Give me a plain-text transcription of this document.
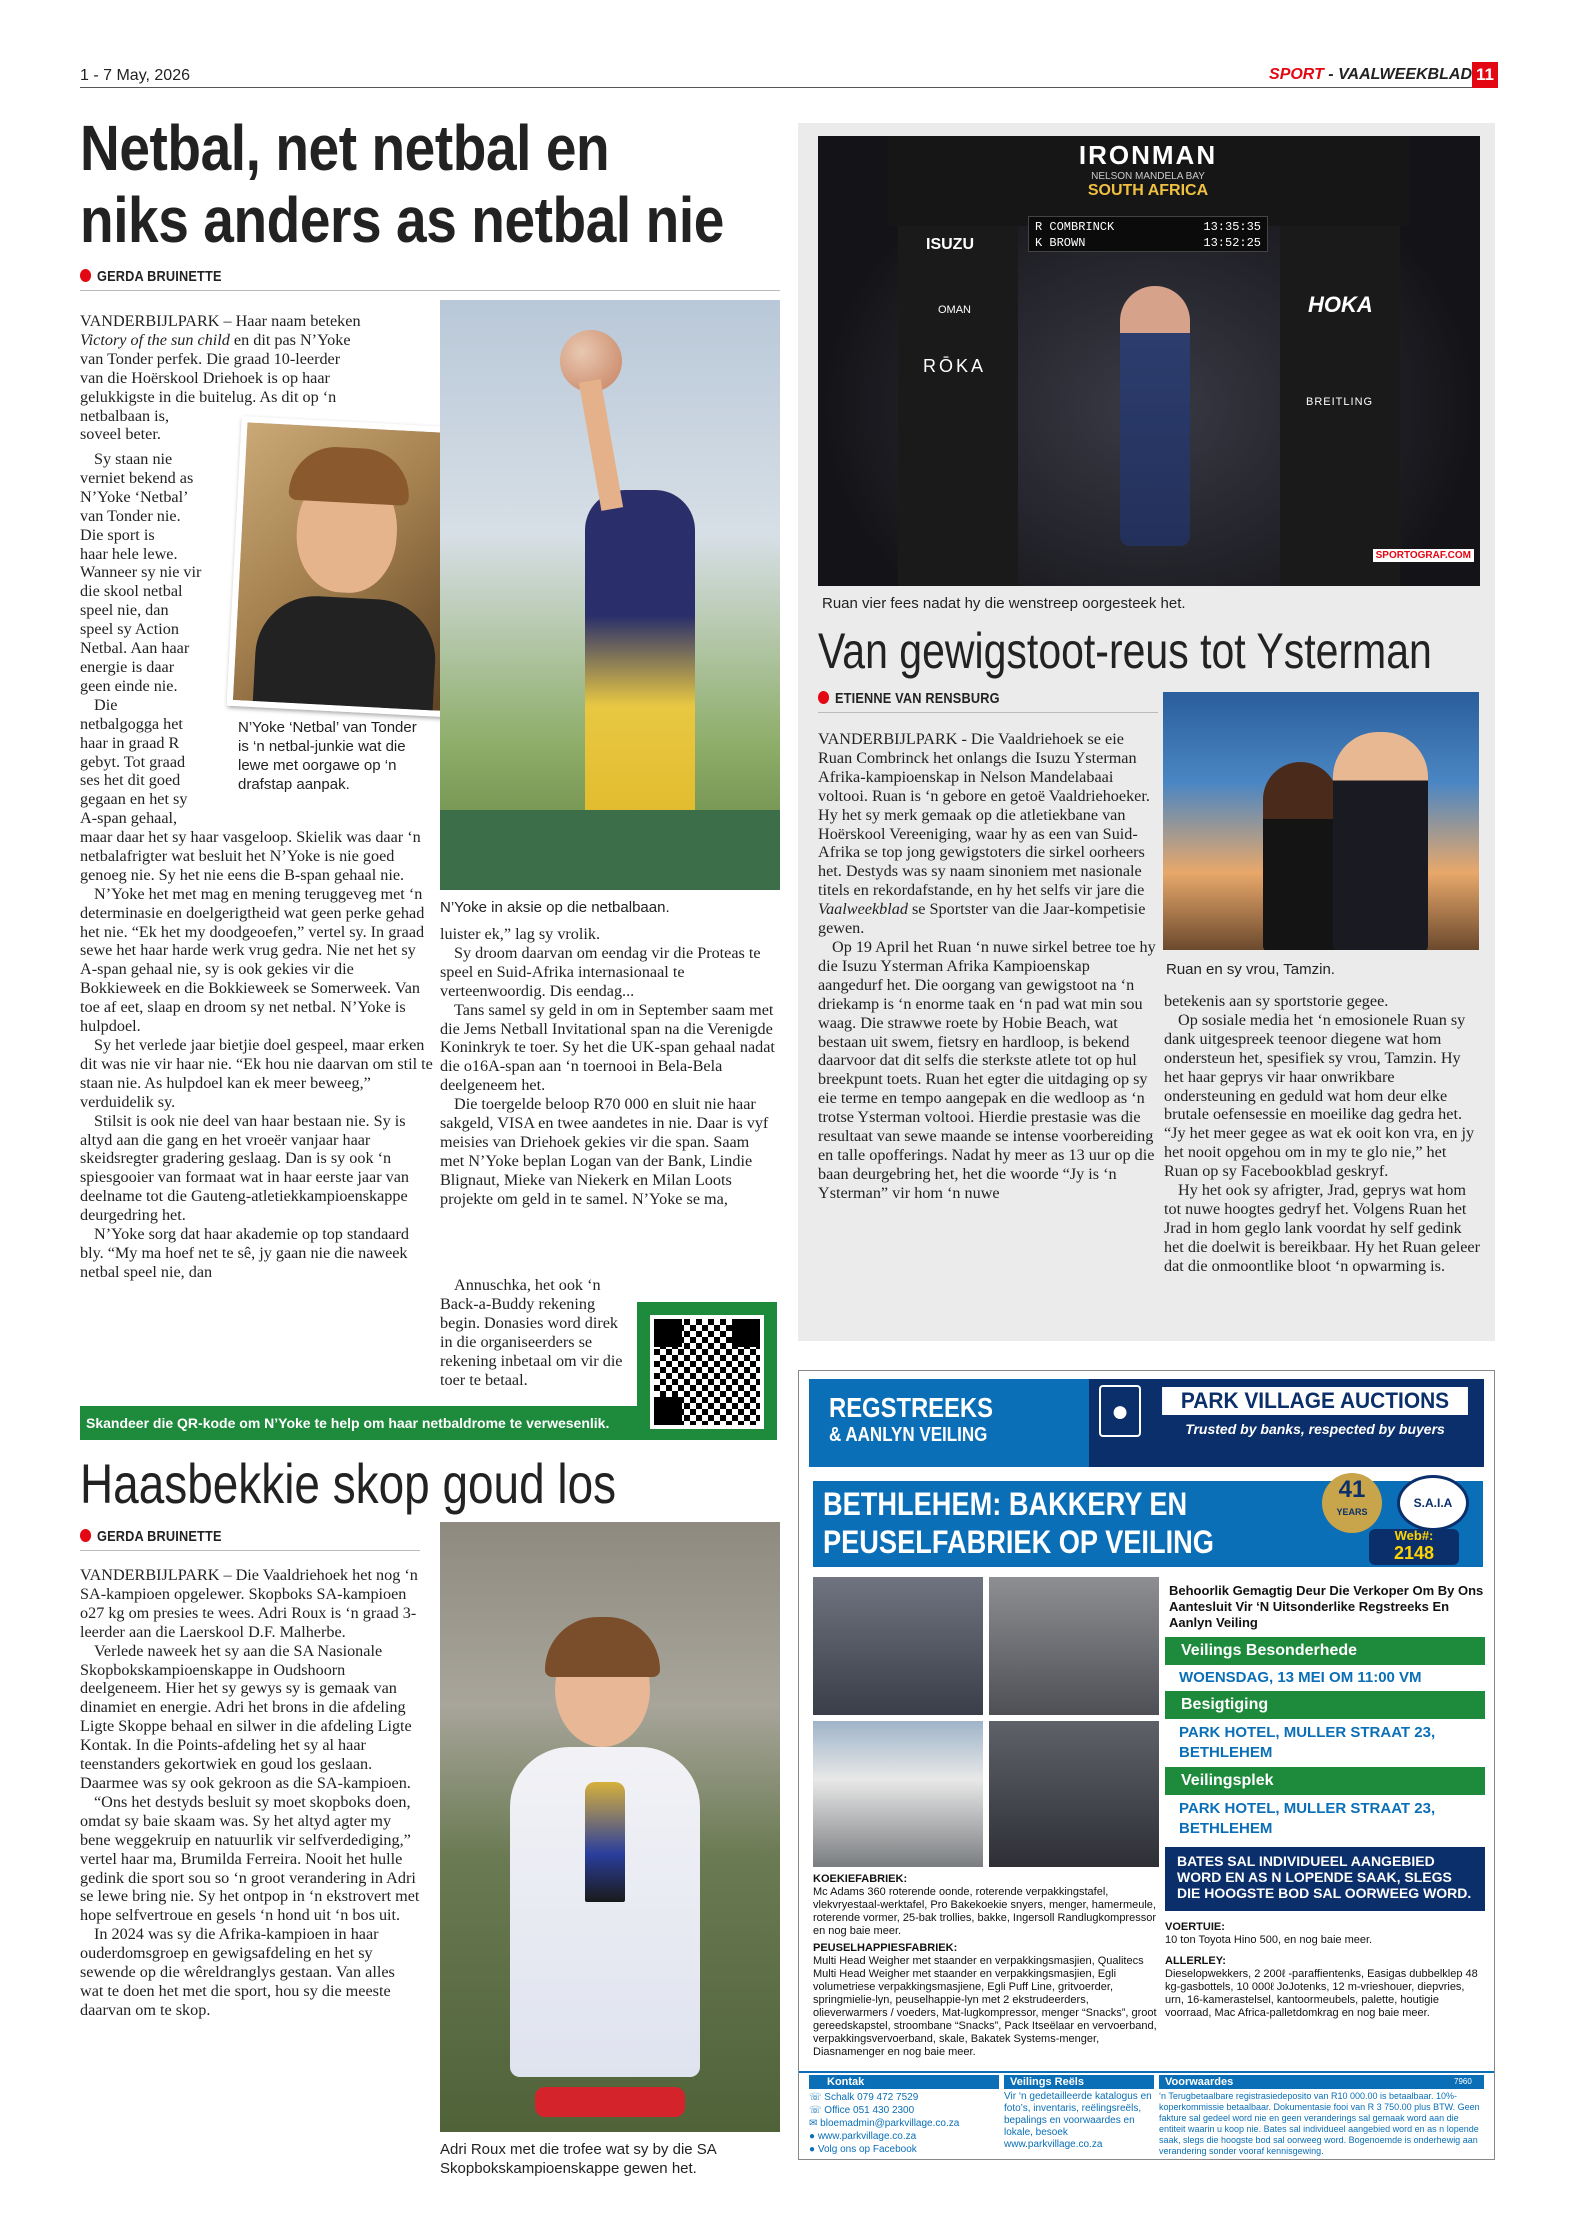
1 - 7 May, 2026	SPORT - VAALWEEKBLAD 11
Netbal, net netbal en
niks anders as netbal nie
GERDA BRUINETTE
VANDERBIJLPARK – Haar naam beteken
Victory of the sun child en dit pas N’Yoke
van Tonder perfek. Die graad 10-leerder
van die Hoërskool Driehoek is op haar
gelukkigste in die buitelug. As dit op ‘n
netbalbaan is,
soveel beter.
Sy staan nie
verniet bekend as
N’Yoke ‘Netbal’
van Tonder nie.
Die sport is
haar hele lewe.
Wanneer sy nie vir
die skool netbal
speel nie, dan
speel sy Action
Netbal. Aan haar
energie is daar
geen einde nie.
Die
netbalgogga het
haar in graad R
gebyt. Tot graad
ses het dit goed
gegaan en het sy
A-span gehaal,

maar daar het sy haar vasgeloop. Skielik was daar ‘n netbalafrigter wat besluit het N’Yoke is nie goed genoeg nie. Sy het nie eens die B-span gehaal nie.

N’Yoke het met mag en mening teruggeveg met ‘n determinasie en doelgerigtheid wat geen perke gehad het nie. “Ek het my doodgeoefen,” vertel sy. In graad sewe het haar harde werk vrug gedra. Nie net het sy A-span gehaal nie, sy is ook gekies vir die Bokkieweek en die Bokkieweek se Somerweek. Van toe af eet, slaap en droom sy net netbal. N’Yoke is hulpdoel.

Sy het verlede jaar bietjie doel gespeel, maar erken dit was nie vir haar nie. “Ek hou nie daarvan om stil te staan nie. As hulpdoel kan ek meer beweeg,” verduidelik sy.

Stilsit is ook nie deel van haar bestaan nie. Sy is altyd aan die gang en het vroeër vanjaar haar skeidsregter gradering geslaag. Dan is sy ook ‘n spiesgooier van formaat wat in haar eerste jaar van deelname tot die Gauteng-atletiekkampioenskappe deurgedring het.

N’Yoke sorg dat haar akademie op top standaard bly. “My ma hoef net te sê, jy gaan nie die naweek netbal speel nie, dan

N’Yoke ‘Netbal’ van Tonder is ‘n netbal-junkie wat die lewe met oorgawe op ‘n drafstap aanpak.
N’Yoke in aksie op die netbalbaan.

luister ek,” lag sy vrolik.

Sy droom daarvan om eendag vir die Proteas te speel en Suid-Afrika internasionaal te verteenwoordig. Dis eendag...

Tans samel sy geld in om in September saam met die Jems Netball Invitational span na die Verenigde Koninkryk te toer. Sy het die UK-span gehaal nadat die o16A-span aan ‘n toernooi in Bela-Bela deelgeneem het.

Die toergelde beloop R70 000 en sluit nie haar sakgeld, VISA en twee aandetes in nie. Daar is vyf meisies van Driehoek gekies vir die span. Saam met N’Yoke beplan Logan van der Bank, Lindie Blignaut, Mieke van Niekerk en Milan Loots projekte om geld in te samel. N’Yoke se ma,

Annuschka, het ook ‘n Back-a-Buddy rekening begin. Donasies word direk in die organiseerders se rekening inbetaal om vir die toer te betaal.

Skandeer die QR-kode om N’Yoke te help om haar netbaldrome te verwesenlik.
IRONMAN
NELSON MANDELA BAY
SOUTH AFRICA
R COMBRINCK	13:35:35
K BROWN	13:52:25
ISUZU
OMAN
RŌKA
HOKA
BREITLING
SPORTOGRAF.COM
Ruan vier fees nadat hy die wenstreep oorgesteek het.
Van gewigstoot-reus tot Ysterman
ETIENNE VAN RENSBURG

VANDERBIJLPARK - Die Vaaldriehoek se eie Ruan Combrinck het onlangs die Isuzu Ysterman Afrika-kampioenskap in Nelson Mandelabaai voltooi. Ruan is ‘n gebore en getoë Vaaldriehoeker. Hy het sy merk gemaak op die atletiekbane van Hoërskool Vereeniging, waar hy as een van Suid-Afrika se top jong gewigstoters die sirkel oorheers het. Destyds was sy naam sinoniem met nasionale titels en rekordafstande, en hy het selfs vir jare die Vaalweekblad se Sportster van die Jaar-kompetisie gewen.

Op 19 April het Ruan ‘n nuwe sirkel betree toe hy die Isuzu Ysterman Afrika Kampioenskap aangedurf het. Die oorgang van gewigstoot na ‘n driekamp is ‘n enorme taak en ‘n pad wat min sou waag. Die strawwe roete by Hobie Beach, wat bestaan uit swem, fietsry en hardloop, is bekend daarvoor dat dit selfs die sterkste atlete tot op hul breekpunt toets. Ruan het egter die uitdaging op sy eie terme en tempo aangepak en die wedloop as ‘n trotse Ysterman voltooi. Hierdie prestasie was die resultaat van sewe maande se intense voorbereiding en talle opofferings. Nadat hy meer as 13 uur op die baan deurgebring het, het die woorde “Jy is ‘n Ysterman” vir hom ‘n nuwe

Ruan en sy vrou, Tamzin.

betekenis aan sy sportstorie gegee.

Op sosiale media het ‘n emosionele Ruan sy dank uitgespreek teenoor diegene wat hom ondersteun het, spesifiek sy vrou, Tamzin. Hy het haar geprys vir haar onwrikbare ondersteuning en geduld wat hom deur elke brutale oefensessie en moeilike dag gedra het. “Jy het meer gegee as wat ek ooit kon vra, en jy het nooit opgehou om in my te glo nie,” het Ruan op sy Facebookblad geskryf.

Hy het ook sy afrigter, Jrad, geprys wat hom tot nuwe hoogtes gedryf het. Volgens Ruan het Jrad in hom geglo lank voordat hy self gedink het die doelwit is bereikbaar. Hy het Ruan geleer dat die onmoontlike bloot ‘n opwarming is.

Haasbekkie skop goud los
GERDA BRUINETTE

VANDERBIJLPARK – Die Vaaldriehoek het nog ‘n SA-kampioen opgelewer. Skopboks SA-kampioen o27 kg om presies te wees. Adri Roux is ‘n graad 3-leerder aan die Laerskool D.F. Malherbe.

Verlede naweek het sy aan die SA Nasionale Skopbokskampioenskappe in Oudshoorn deelgeneem. Hier het sy gewys sy is gemaak van dinamiet en energie. Adri het brons in die afdeling Ligte Skoppe behaal en silwer in die afdeling Ligte Kontak. In die Points-afdeling het sy al haar teenstanders gekortwiek en goud los geslaan. Daarmee was sy ook gekroon as die SA-kampioen.

“Ons het destyds besluit sy moet skopboks doen, omdat sy baie skaam was. Sy het altyd agter my bene weggekruip en natuurlik vir selfverdediging,” vertel haar ma, Brumilda Ferreira. Nooit het hulle gedink die sport sou so ‘n groot verandering in Adri se lewe bring nie. Sy het ontpop in ‘n ekstrovert met hope selfvertroue en gesels ‘n hond uit ‘n bos uit.

In 2024 was sy die Afrika-kampioen in haar ouderdomsgroep en gewigsafdeling en het sy sewende op die wêreldranglys gestaan. Van alles wat te doen het met die sport, hou sy die meeste daarvan om te skop.

Adri Roux met die trofee wat sy by die SA Skopbokskampioenskappe gewen het.
REGSTREEKS
& AANLYN VEILING
●	PARK VILLAGE AUCTIONS
Trusted by banks, respected by buyers
BETHLEHEM: BAKKERY EN
PEUSELFABRIEK OP VEILING
41
YEARS
S.A.I.A
Web#:
2148
Behoorlik Gemagtig Deur Die Verkoper Om By Ons Aantesluit Vir ‘N Uitsonderlike Regstreeks En Aanlyn Veiling
Veilings Besonderhede
WOENSDAG, 13 MEI OM 11:00 VM
Besigtiging
PARK HOTEL, MULLER STRAAT 23,
BETHLEHEM
Veilingsplek
PARK HOTEL, MULLER STRAAT 23,
BETHLEHEM
BATES SAL INDIVIDUEEL AANGEBIED WORD EN AS N LOPENDE SAAK, SLEGS DIE HOOGSTE BOD SAL OORWEEG WORD.
KOEKIEFABRIEK:
Mc Adams 360 roterende oonde, roterende verpakkingstafel, vlekvryestaal-werktafel, Pro Bakekoekie snyers, menger, hamermeule, roterende vormer, 25-bak trollies, bakke, Ingersoll Randlugkompressor en nog baie meer.
PEUSELHAPPIESFABRIEK:
Multi Head Weigher met staander en verpakkingsmasjien, Qualitecs Multi Head Weigher met staander en verpakkingsmasjien, Egli volumetriese verpakkingsmasjiene, Egli Puff Line, gritvoerder, springmielie-lyn, peuselhappie-lyn met 2 ekstrudeerders, olieverwarmers / voeders, Mat-lugkompressor, menger “Snacks”, groot gereedskapstel, stroombane “Snacks”, Pack Itseëlaar en vervoerband, verpakkingsvervoerband, skale, Bakatek Systems-menger, Diasnamenger en nog baie meer.
VOERTUIE:
10 ton Toyota Hino 500, en nog baie meer.
ALLERLEY:
Dieselopwekkers, 2 200ℓ -paraffientenks, Easigas dubbelklep 48 kg-gasbottels, 10 000ℓ JoJotenks, 12 m-vrieshouer, diepvries, urn, 16-kamerastelsel, kantoormeubels, palette, houtigie voorraad, Mac Africa-palletdomkrag en nog baie meer.
Kontak
☏ Schalk 079 472 7529
☏ Office 051 430 2300
✉ bloemadmin@parkvillage.co.za
● www.parkvillage.co.za
● Volg ons op Facebook
Veilings Reëls
Vir ‘n gedetailleerde katalogus en foto’s, inventaris, reëlingsreëls, bepalings en voorwaardes en lokale, besoek www.parkvillage.co.za
Voorwaardes	7960
‘n Terugbetaalbare registrasiedeposito van R10 000.00 is betaalbaar. 10%-koperkommissie betaalbaar. Dokumentasie fooi van R 3 750.00 plus BTW. Geen fakture sal gedeel word nie en geen veranderings sal gemaak word aan die entiteit waarin u koop nie. Bates sal individueel aangebied word en as n lopende saak, slegs die hoogste bod sal oorweeg word. Bogenoemde is onderhewig aan verandering sonder vooraf kennisgewing.
